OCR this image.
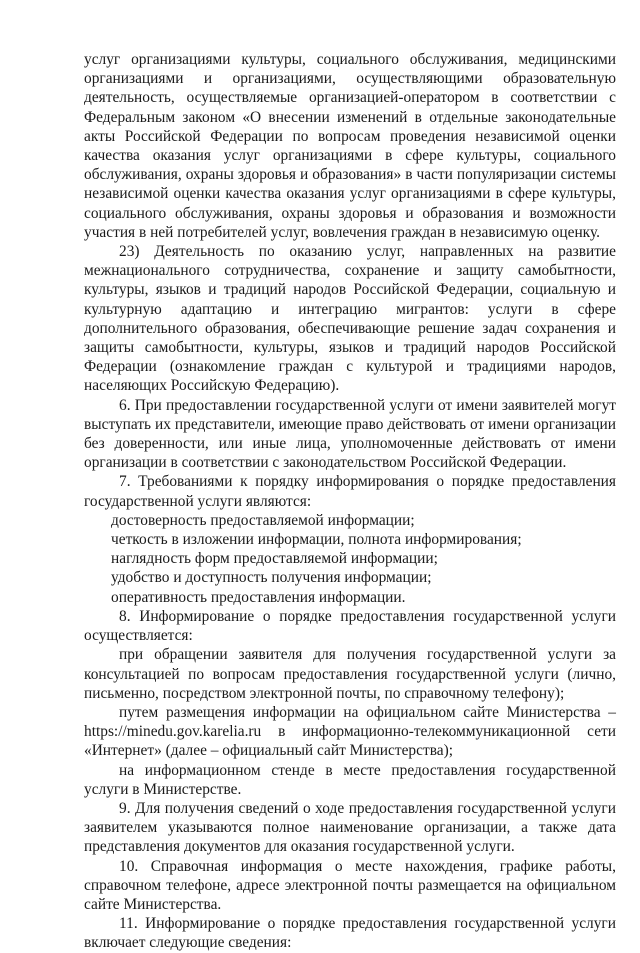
услуг организациями культуры, социального обслуживания, медицинскими организациями и организациями, осуществляющими образовательную деятельность, осуществляемые организацией-оператором в соответствии с Федеральным законом «О внесении изменений в отдельные законодательные акты Российской Федерации по вопросам проведения независимой оценки качества оказания услуг организациями в сфере культуры, социального обслуживания, охраны здоровья и образования» в части популяризации системы независимой оценки качества оказания услуг организациями в сфере культуры, социального обслуживания, охраны здоровья и образования и возможности участия в ней потребителей услуг, вовлечения граждан в независимую оценку.

23) Деятельность по оказанию услуг, направленных на развитие межнационального сотрудничества, сохранение и защиту самобытности, культуры, языков и традиций народов Российской Федерации, социальную и культурную адаптацию и интеграцию мигрантов: услуги в сфере дополнительного образования, обеспечивающие решение задач сохранения и защиты самобытности, культуры, языков и традиций народов Российской Федерации (ознакомление граждан с культурой и традициями народов, населяющих Российскую Федерацию).

6. При предоставлении государственной услуги от имени заявителей могут выступать их представители, имеющие право действовать от имени организации без доверенности, или иные лица, уполномоченные действовать от имени организации в соответствии с законодательством Российской Федерации.

7. Требованиями к порядку информирования о порядке предоставления государственной услуги являются:

достоверность предоставляемой информации;

четкость в изложении информации, полнота информирования;

наглядность форм предоставляемой информации;

удобство и доступность получения информации;

оперативность предоставления информации.

8. Информирование о порядке предоставления государственной услуги осуществляется:

при обращении заявителя для получения государственной услуги за консультацией по вопросам предоставления государственной услуги (лично, письменно, посредством электронной почты, по справочному телефону);

путем размещения информации на официальном сайте Министерства – https://minedu.gov.karelia.ru в информационно-телекоммуникационной сети «Интернет» (далее – официальный сайт Министерства);

на информационном стенде в месте предоставления государственной услуги в Министерстве.

9. Для получения сведений о ходе предоставления государственной услуги заявителем указываются полное наименование организации, а также дата представления документов для оказания государственной услуги.

10. Справочная информация о месте нахождения, графике работы, справочном телефоне, адресе электронной почты размещается на официальном сайте Министерства.

11. Информирование о порядке предоставления государственной услуги включает следующие сведения:
